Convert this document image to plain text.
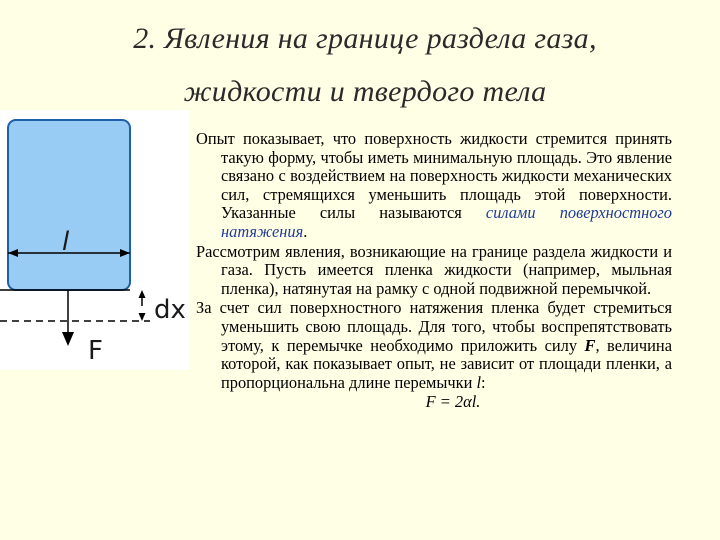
2. Явления на границе раздела газа,
жидкости и твердого тела
l
dx
F

Опыт показывает, что поверхность жидкости стремится принять такую форму, чтобы иметь минимальную площадь. Это явление связано с воздействием на поверхность жидкости механических сил, стремящихся уменьшить площадь этой поверхности. Указанные силы называются силами поверхностного натяжения.

Рассмотрим явления, возникающие на границе раздела жидкости и газа. Пусть имеется пленка жидкости (например, мыльная пленка), натянутая на рамку с одной подвижной перемычкой.

За счет сил поверхностного натяжения пленка будет стремиться уменьшить свою площадь. Для того, чтобы воспрепятствовать этому, к перемычке необходимо приложить силу F, величина которой, как показывает опыт, не зависит от площади пленки, а пропорциональна длине перемычки l:

F = 2αl.
